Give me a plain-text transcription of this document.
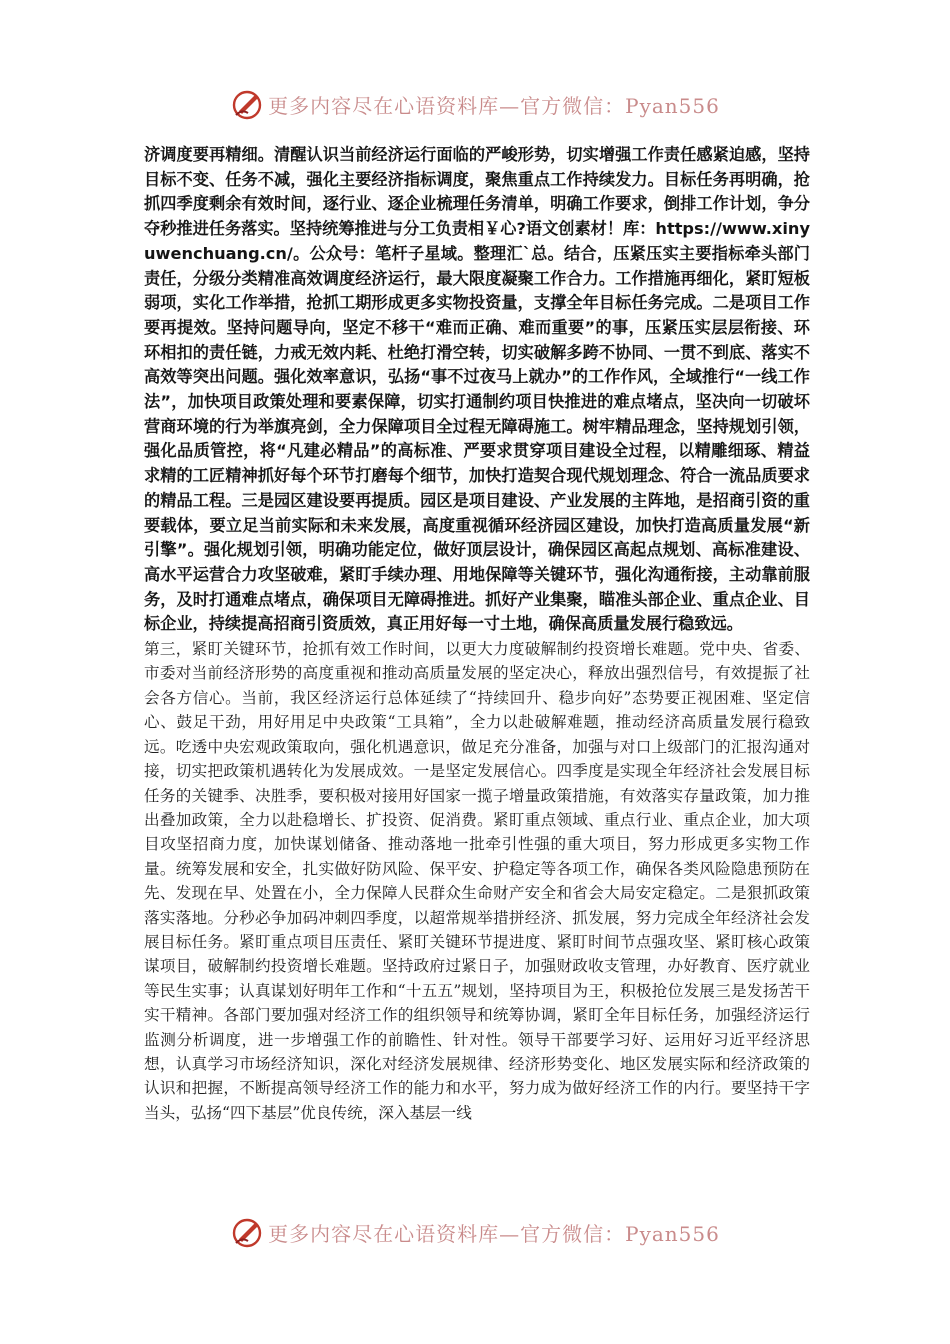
更多内容尽在心语资料库—官方微信：Pyan556

济调度要再精细。清醒认识当前经济运行面临的严峻形势，切实增强工作责任感紧迫感，坚持目标不变、任务不减，强化主要经济指标调度，聚焦重点工作持续发力。目标任务再明确，抢抓四季度剩余有效时间，逐行业、逐企业梳理任务清单，明确工作要求，倒排工作计划，争分夺秒推进任务落实。坚持统筹推进与分工负责相￥心?语文创素材！库：https://www.xinyuwenchuang.cn/。公众号：笔杆子星域。整理汇`总。结合，压紧压实主要指标牵头部门责任，分级分类精准高效调度经济运行，最大限度凝聚工作合力。工作措施再细化，紧盯短板弱项，实化工作举措，抢抓工期形成更多实物投资量，支撑全年目标任务完成。二是项目工作要再提效。坚持问题导向，坚定不移干“难而正确、难而重要”的事，压紧压实层层衔接、环环相扣的责任链，力戒无效内耗、杜绝打滑空转，切实破解多跨不协同、一贯不到底、落实不高效等突出问题。强化效率意识，弘扬“事不过夜马上就办”的工作作风，全域推行“一线工作法”，加快项目政策处理和要素保障，切实打通制约项目快推进的难点堵点，坚决向一切破坏营商环境的行为举旗亮剑，全力保障项目全过程无障碍施工。树牢精品理念，坚持规划引领，强化品质管控，将“凡建必精品”的高标准、严要求贯穿项目建设全过程，以精雕细琢、精益求精的工匠精神抓好每个环节打磨每个细节，加快打造契合现代规划理念、符合一流品质要求的精品工程。三是园区建设要再提质。园区是项目建设、产业发展的主阵地，是招商引资的重要载体，要立足当前实际和未来发展，高度重视循环经济园区建设，加快打造高质量发展“新引擎”。强化规划引领，明确功能定位，做好顶层设计，确保园区高起点规划、高标准建设、高水平运营合力攻坚破难，紧盯手续办理、用地保障等关键环节，强化沟通衔接，主动靠前服务，及时打通难点堵点，确保项目无障碍推进。抓好产业集聚，瞄准头部企业、重点企业、目标企业，持续提高招商引资质效，真正用好每一寸土地，确保高质量发展行稳致远。

第三，紧盯关键环节，抢抓有效工作时间，以更大力度破解制约投资增长难题。党中央、省委、市委对当前经济形势的高度重视和推动高质量发展的坚定决心，释放出强烈信号，有效提振了社会各方信心。当前，我区经济运行总体延续了“持续回升、稳步向好”态势要正视困难、坚定信心、鼓足干劲，用好用足中央政策“工具箱”，全力以赴破解难题，推动经济高质量发展行稳致远。吃透中央宏观政策取向，强化机遇意识，做足充分准备，加强与对口上级部门的汇报沟通对接，切实把政策机遇转化为发展成效。一是坚定发展信心。四季度是实现全年经济社会发展目标任务的关键季、决胜季，要积极对接用好国家一揽子增量政策措施，有效落实存量政策，加力推出叠加政策，全力以赴稳增长、扩投资、促消费。紧盯重点领域、重点行业、重点企业，加大项目攻坚招商力度，加快谋划储备、推动落地一批牵引性强的重大项目，努力形成更多实物工作量。统筹发展和安全，扎实做好防风险、保平安、护稳定等各项工作，确保各类风险隐患预防在先、发现在早、处置在小，全力保障人民群众生命财产安全和省会大局安定稳定。二是狠抓政策落实落地。分秒必争加码冲刺四季度，以超常规举措拼经济、抓发展，努力完成全年经济社会发展目标任务。紧盯重点项目压责任、紧盯关键环节提进度、紧盯时间节点强攻坚、紧盯核心政策谋项目，破解制约投资增长难题。坚持政府过紧日子，加强财政收支管理，办好教育、医疗就业等民生实事；认真谋划好明年工作和“十五五”规划，坚持项目为王，积极抢位发展三是发扬苦干实干精神。各部门要加强对经济工作的组织领导和统筹协调，紧盯全年目标任务，加强经济运行监测分析调度，进一步增强工作的前瞻性、针对性。领导干部要学习好、运用好习近平经济思想，认真学习市场经济知识，深化对经济发展规律、经济形势变化、地区发展实际和经济政策的认识和把握，不断提高领导经济工作的能力和水平，努力成为做好经济工作的内行。要坚持干字当头，弘扬“四下基层”优良传统，深入基层一线

更多内容尽在心语资料库—官方微信：Pyan556
